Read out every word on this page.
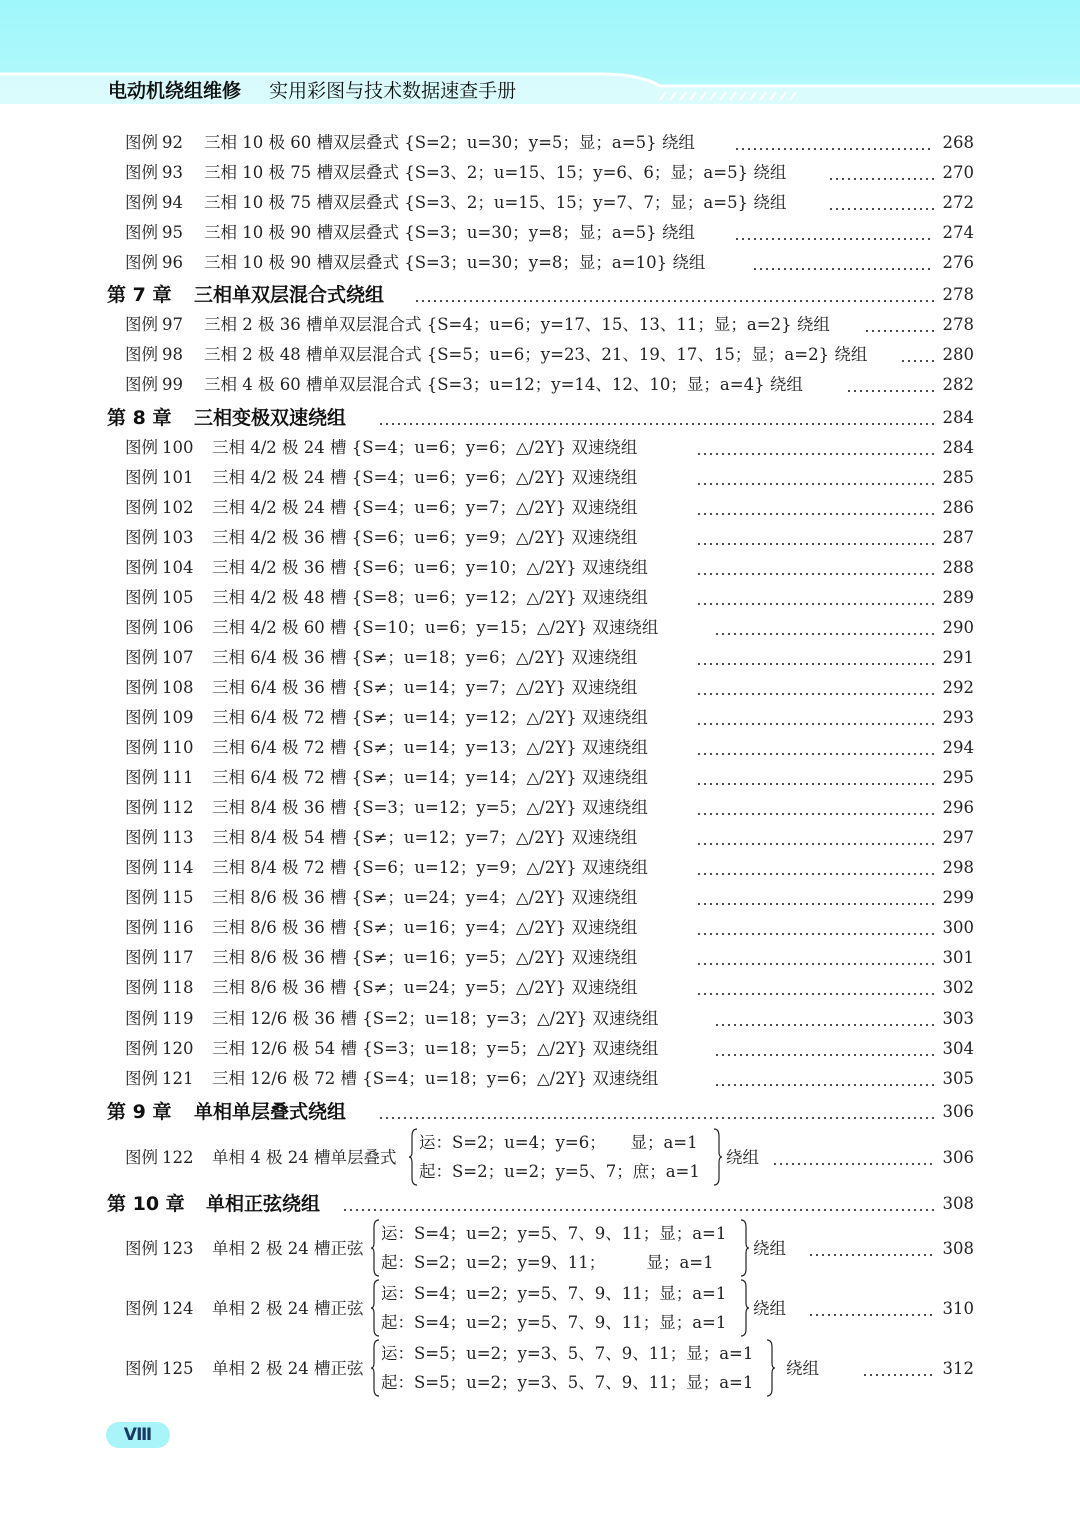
电动机绕组维修 实用彩图与技术数据速查手册
图例 92 三相 10 极 60 槽双层叠式 {S=2；u=30；y=5；显；a=5} 绕组	268
图例 93 三相 10 极 75 槽双层叠式 {S=3、2；u=15、15；y=6、6；显；a=5} 绕组	270
图例 94 三相 10 极 75 槽双层叠式 {S=3、2；u=15、15；y=7、7；显；a=5} 绕组	272
图例 95 三相 10 极 90 槽双层叠式 {S=3；u=30；y=8；显；a=5} 绕组	274
图例 96 三相 10 极 90 槽双层叠式 {S=3；u=30；y=8；显；a=10} 绕组	276
第 7 章 三相单双层混合式绕组	278
图例 97 三相 2 极 36 槽单双层混合式 {S=4；u=6；y=17、15、13、11；显；a=2} 绕组	278
图例 98 三相 2 极 48 槽单双层混合式 {S=5；u=6；y=23、21、19、17、15；显；a=2} 绕组	280
图例 99 三相 4 极 60 槽单双层混合式 {S=3；u=12；y=14、12、10；显；a=4} 绕组	282
第 8 章 三相变极双速绕组	284
图例 100 三相 4/2 极 24 槽 {S=4；u=6；y=6；△/2Y} 双速绕组	284
图例 101 三相 4/2 极 24 槽 {S=4；u=6；y=6；△/2Y} 双速绕组	285
图例 102 三相 4/2 极 24 槽 {S=4；u=6；y=7；△/2Y} 双速绕组	286
图例 103 三相 4/2 极 36 槽 {S=6；u=6；y=9；△/2Y} 双速绕组	287
图例 104 三相 4/2 极 36 槽 {S=6；u=6；y=10；△/2Y} 双速绕组	288
图例 105 三相 4/2 极 48 槽 {S=8；u=6；y=12；△/2Y} 双速绕组	289
图例 106 三相 4/2 极 60 槽 {S=10；u=6；y=15；△/2Y} 双速绕组	290
图例 107 三相 6/4 极 36 槽 {S≠；u=18；y=6；△/2Y} 双速绕组	291
图例 108 三相 6/4 极 36 槽 {S≠；u=14；y=7；△/2Y} 双速绕组	292
图例 109 三相 6/4 极 72 槽 {S≠；u=14；y=12；△/2Y} 双速绕组	293
图例 110 三相 6/4 极 72 槽 {S≠；u=14；y=13；△/2Y} 双速绕组	294
图例 111 三相 6/4 极 72 槽 {S≠；u=14；y=14；△/2Y} 双速绕组	295
图例 112 三相 8/4 极 36 槽 {S=3；u=12；y=5；△/2Y} 双速绕组	296
图例 113 三相 8/4 极 54 槽 {S≠；u=12；y=7；△/2Y} 双速绕组	297
图例 114 三相 8/4 极 72 槽 {S=6；u=12；y=9；△/2Y} 双速绕组	298
图例 115 三相 8/6 极 36 槽 {S≠；u=24；y=4；△/2Y} 双速绕组	299
图例 116 三相 8/6 极 36 槽 {S≠；u=16；y=4；△/2Y} 双速绕组	300
图例 117 三相 8/6 极 36 槽 {S≠；u=16；y=5；△/2Y} 双速绕组	301
图例 118 三相 8/6 极 36 槽 {S≠；u=24；y=5；△/2Y} 双速绕组	302
图例 119 三相 12/6 极 36 槽 {S=2；u=18；y=3；△/2Y} 双速绕组	303
图例 120 三相 12/6 极 54 槽 {S=3；u=18；y=5；△/2Y} 双速绕组	304
图例 121 三相 12/6 极 72 槽 {S=4；u=18；y=6；△/2Y} 双速绕组	305
第 9 章 单相单层叠式绕组	306
图例 122 单相 4 极 24 槽单层叠式
运：S=2；u=4；y=6；　　显；a=1
起：S=2；u=2；y=5、7；庶；a=1
绕组	306
第 10 章 单相正弦绕组	308
图例 123 单相 2 极 24 槽正弦
运：S=4；u=2；y=5、7、9、11；显；a=1
起：S=2；u=2；y=9、11；　　　显；a=1
绕组	308
图例 124 单相 2 极 24 槽正弦
运：S=4；u=2；y=5、7、9、11；显；a=1
起：S=4；u=2；y=5、7、9、11；显；a=1
绕组	310
图例 125 单相 2 极 24 槽正弦
运：S=5；u=2；y=3、5、7、9、11；显；a=1
起：S=5；u=2；y=3、5、7、9、11；显；a=1
绕组	312
Ⅷ
